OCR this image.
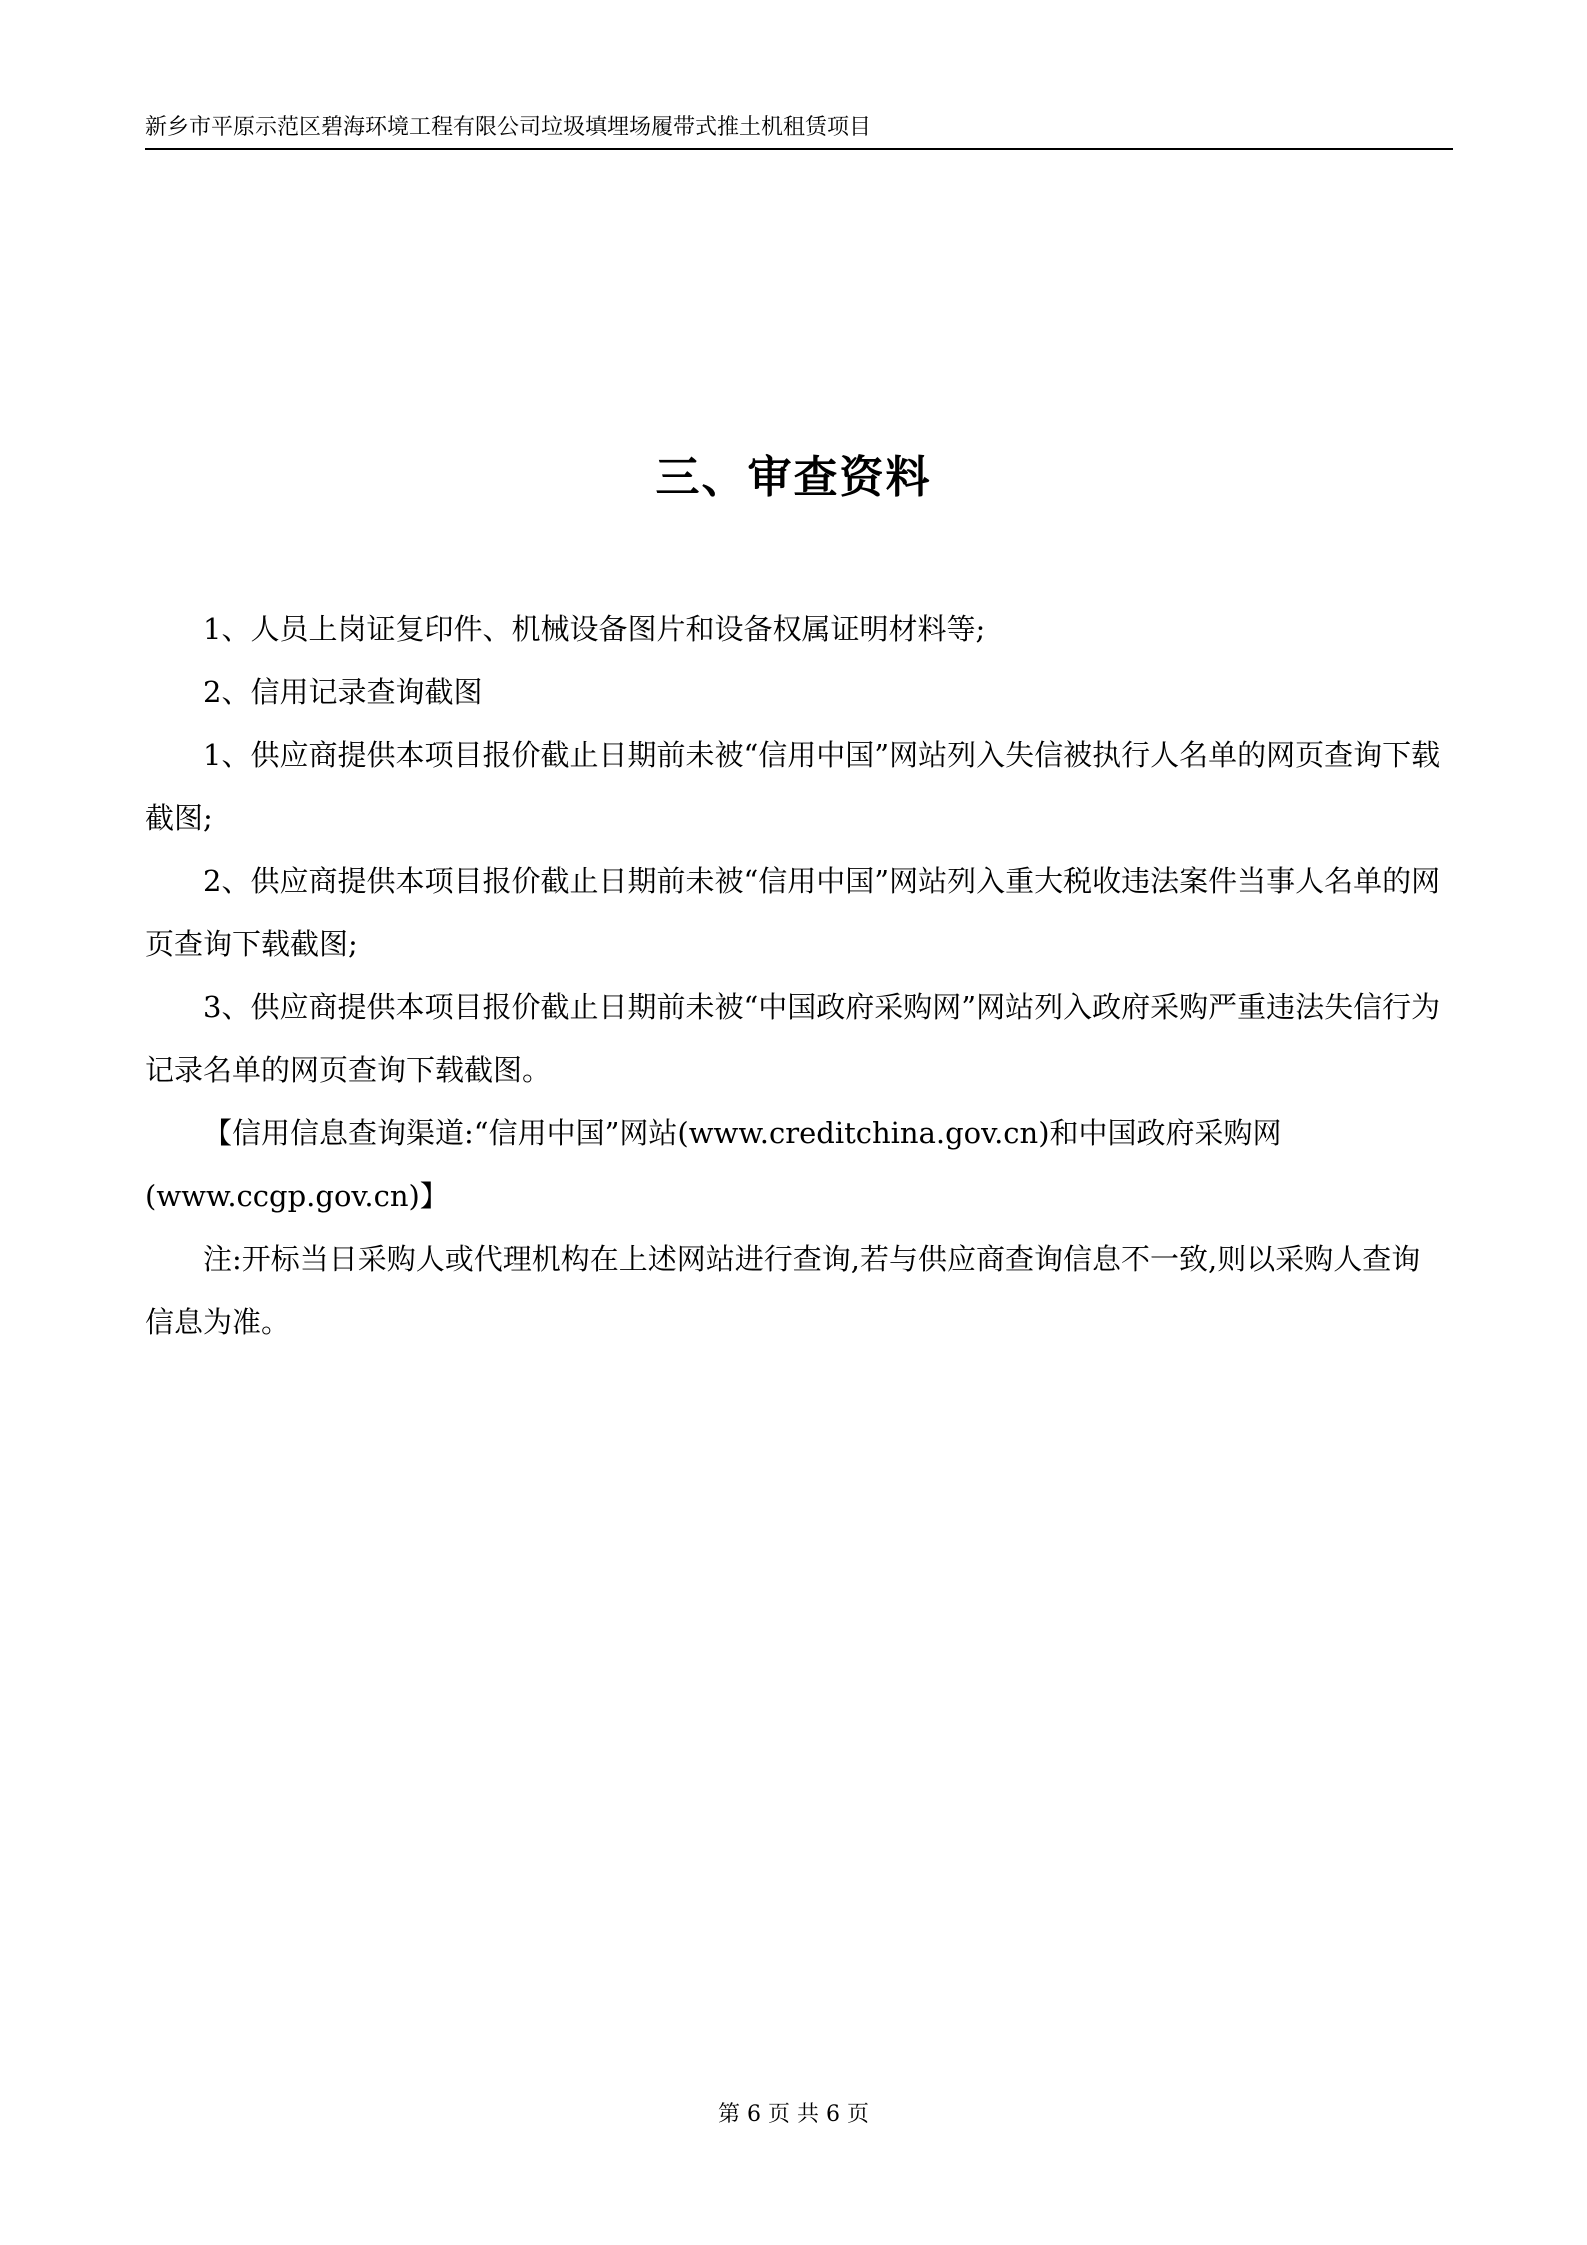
新乡市平原示范区碧海环境工程有限公司垃圾填埋场履带式推土机租赁项目
三、审查资料

1、人员上岗证复印件、机械设备图片和设备权属证明材料等;

2、信用记录查询截图

1、供应商提供本项目报价截止日期前未被“信用中国”网站列入失信被执行人名单的网页查询下载截图;

2、供应商提供本项目报价截止日期前未被“信用中国”网站列入重大税收违法案件当事人名单的网页查询下载截图;

3、供应商提供本项目报价截止日期前未被“中国政府采购网”网站列入政府采购严重违法失信行为记录名单的网页查询下载截图。

【信用信息查询渠道:“信用中国”网站(www.creditchina.gov.cn)和中国政府采购网(www.ccgp.gov.cn)】

注:开标当日采购人或代理机构在上述网站进行查询,若与供应商查询信息不一致,则以采购人查询信息为准。

第 6 页 共 6 页
